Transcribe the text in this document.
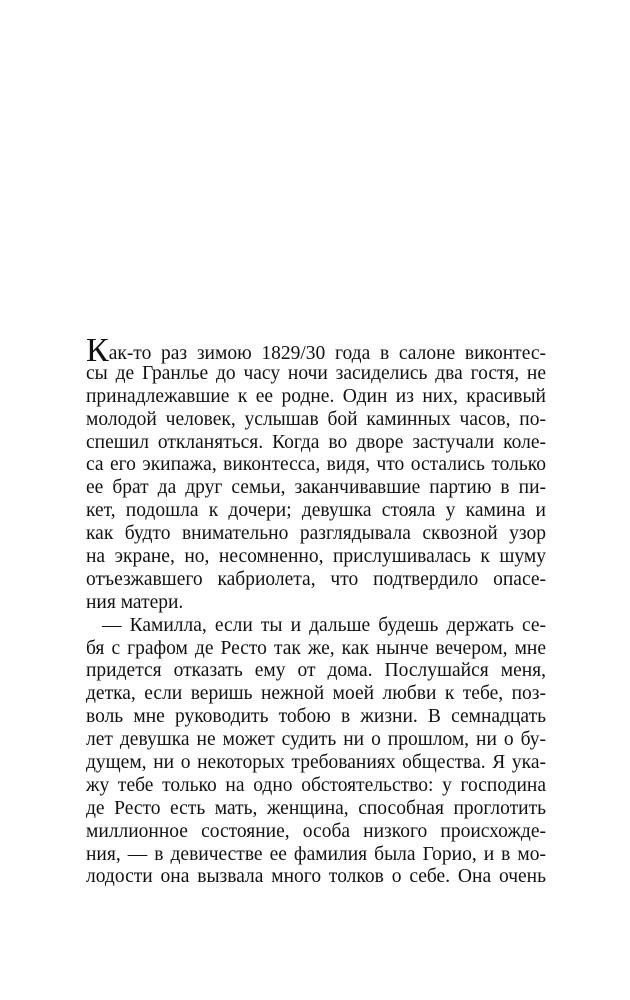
Как-то раз зимою 1829/30 года в салоне виконтес-
сы де Гранлье до часу ночи засиделись два гостя, не
принадлежавшие к ее родне. Один из них, красивый
молодой человек, услышав бой каминных часов, по-
спешил откланяться. Когда во дворе застучали коле-
са его экипажа, виконтесса, видя, что остались только
ее брат да друг семьи, заканчивавшие партию в пи-
кет, подошла к дочери; девушка стояла у камина и
как будто внимательно разглядывала сквозной узор
на экране, но, несомненно, прислушивалась к шуму
отъезжавшего кабриолета, что подтвердило опасе-
ния матери.
— Камилла, если ты и дальше будешь держать се-
бя с графом де Ресто так же, как нынче вечером, мне
придется отказать ему от дома. Послушайся меня,
детка, если веришь нежной моей любви к тебе, поз-
воль мне руководить тобою в жизни. В семнадцать
лет девушка не может судить ни о прошлом, ни о бу-
дущем, ни о некоторых требованиях общества. Я ука-
жу тебе только на одно обстоятельство: у господина
де Ресто есть мать, женщина, способная проглотить
миллионное состояние, особа низкого происхожде-
ния, — в девичестве ее фамилия была Горио, и в мо-
лодости она вызвала много толков о себе. Она очень
